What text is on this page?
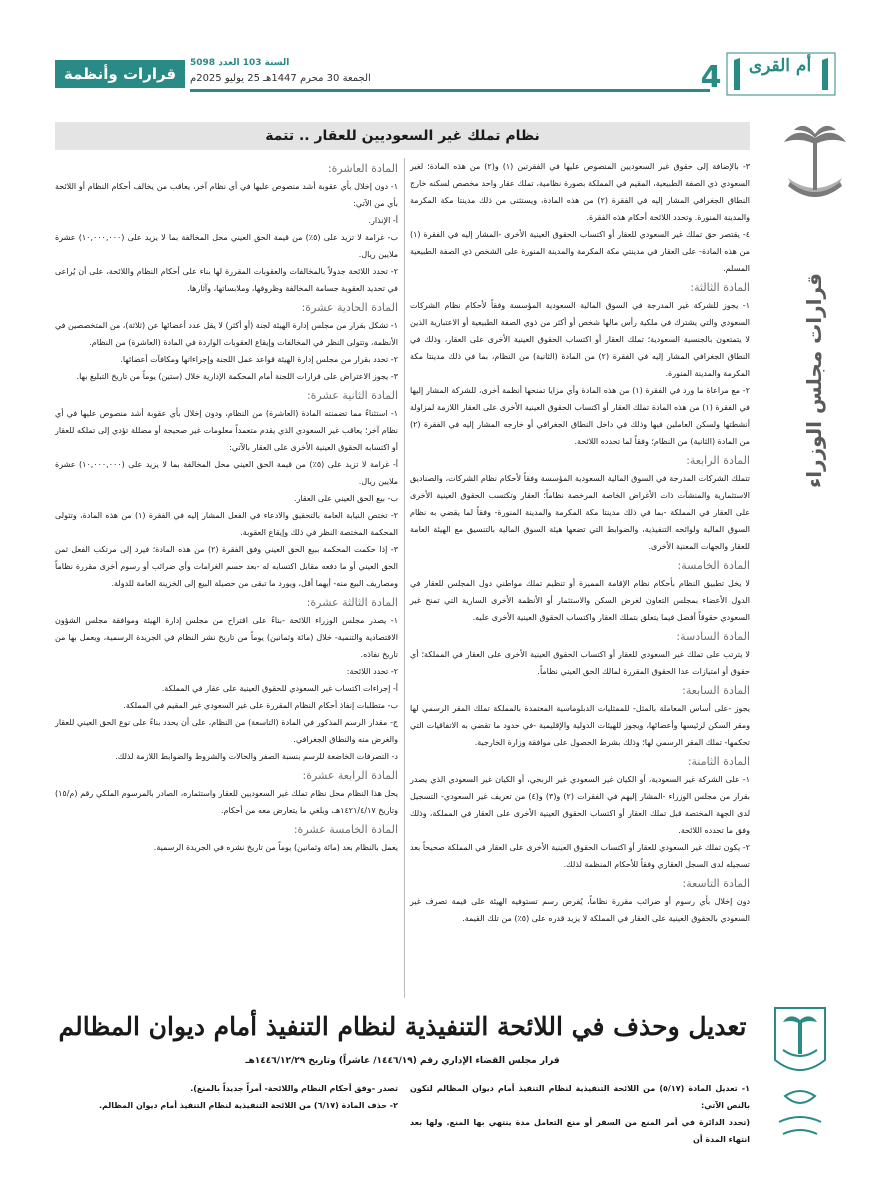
قرارات وأنظمة
السنة 103 العدد 5098
الجمعة 30 محرم 1447هـ 25 يوليو 2025م	4	أم القرى
قرارات مجلس الوزراء
نظام تملك غير السعوديين للعقار .. تتمة

٣- بالإضافة إلى حقوق غير السعوديين المنصوص عليها في الفقرتين (١) و(٢) من هذه المادة؛ لغير السعودي ذي الصفة الطبيعية، المقيم في المملكة بصورة نظامية، تملك عقار واحد مخصص لسكنه خارج النطاق الجغرافي المشار إليه في الفقرة (٢) من هذه المادة، ويستثنى من ذلك مدينتا مكة المكرمة والمدينة المنورة. وتحدد اللائحة أحكام هذه الفقرة.

٤- يقتصر حق تملك غير السعودي للعقار أو اكتساب الحقوق العينية الأخرى -المشار إليه في الفقرة (١) من هذه المادة- على العقار في مدينتي مكة المكرمة والمدينة المنورة على الشخص ذي الصفة الطبيعية المسلم.

المادة الثالثة:

١- يجوز للشركة غير المدرجة في السوق المالية السعودية المؤسسة وفقاً لأحكام نظام الشركات السعودي والتي يشترك في ملكية رأس مالها شخص أو أكثر من ذوي الصفة الطبيعية أو الاعتبارية الذين لا يتمتعون بالجنسية السعودية؛ تملك العقار أو اكتساب الحقوق العينية الأخرى على العقار، وذلك في النطاق الجغرافي المشار إليه في الفقرة (٢) من المادة (الثانية) من النظام، بما في ذلك مدينتا مكة المكرمة والمدينة المنورة.

٢- مع مراعاة ما ورد في الفقرة (١) من هذه المادة وأي مزايا تمنحها أنظمة أخرى، للشركة المشار إليها في الفقرة (١) من هذه المادة تملك العقار أو اكتساب الحقوق العينية الأخرى على العقار اللازمة لمزاولة أنشطتها ولسكن العاملين فيها وذلك في داخل النطاق الجغرافي أو خارجه المشار إليه في الفقرة (٢) من المادة (الثانية) من النظام؛ وفقاً لما تحدده اللائحة.

المادة الرابعة:

تتملك الشركات المدرجة في السوق المالية السعودية المؤسسة وفقاً لأحكام نظام الشركات، والصناديق الاستثمارية والمنشآت ذات الأغراض الخاصة المرخصة نظاماً؛ العقار وتكتسب الحقوق العينية الأخرى على العقار في المملكة -بما في ذلك مدينتا مكة المكرمة والمدينة المنورة- وفقاً لما يقضي به نظام السوق المالية ولوائحه التنفيذية، والضوابط التي تضعها هيئة السوق المالية بالتنسيق مع الهيئة العامة للعقار والجهات المعنية الأخرى.

المادة الخامسة:

لا يخل تطبيق النظام بأحكام نظام الإقامة المميزة أو تنظيم تملك مواطني دول المجلس للعقار في الدول الأعضاء بمجلس التعاون لغرض السكن والاستثمار أو الأنظمة الأخرى السارية التي تمنح غير السعودي حقوقاً أفضل فيما يتعلق بتملك العقار واكتساب الحقوق العينية الأخرى عليه.

المادة السادسة:

لا يترتب على تملك غير السعودي للعقار أو اكتساب الحقوق العينية الأخرى على العقار في المملكة؛ أي حقوق أو امتيازات عدا الحقوق المقررة لمالك الحق العيني نظاماً.

المادة السابعة:

يجوز -على أساس المعاملة بالمثل- للممثليات الدبلوماسية المعتمدة بالمملكة تملك المقر الرسمي لها ومقر السكن لرئيسها وأعضائها، ويجوز للهيئات الدولية والإقليمية -في حدود ما تقضي به الاتفاقيات التي تحكمها- تملك المقر الرسمي لها؛ وذلك بشرط الحصول على موافقة وزارة الخارجية.

المادة الثامنة:

١- على الشركة غير السعودية، أو الكيان غير السعودي غير الربحي، أو الكيان غير السعودي الذي يصدر بقرار من مجلس الوزراء -المشار إليهم في الفقرات (٢) و(٣) و(٤) من تعريف غير السعودي- التسجيل لدى الجهة المختصة قبل تملك العقار أو اكتساب الحقوق العينية الأخرى على العقار في المملكة، وذلك وفق ما تحدده اللائحة.

٢- يكون تملك غير السعودي للعقار أو اكتساب الحقوق العينية الأخرى على العقار في المملكة صحيحاً بعد تسجيله لدى السجل العقاري وفقاً للأحكام المنظمة لذلك.

المادة التاسعة:

دون إخلال بأي رسوم أو ضرائب مقررة نظاماً، يُفرض رسم تستوفيه الهيئة على قيمة تصرف غير السعودي بالحقوق العينية على العقار في المملكة لا يزيد قدره على (٥٪) من تلك القيمة.

المادة العاشرة:

١- دون إخلال بأي عقوبة أشد منصوص عليها في أي نظام آخر، يعاقب من يخالف أحكام النظام أو اللائحة بأي من الآتي:

أ- الإنذار.

ب- غرامة لا تزيد على (٥٪) من قيمة الحق العيني محل المخالفة بما لا يزيد على (١٠,٠٠٠,٠٠٠) عشرة ملايين ريال.

٢- تحدد اللائحة جدولاً بالمخالفات والعقوبات المقررة لها بناء على أحكام النظام واللائحة، على أن يُراعى في تحديد العقوبة جسامة المخالفة وظروفها، وملابساتها، وآثارها.

المادة الحادية عشرة:

١- تشكل بقرار من مجلس إدارة الهيئة لجنة (أو أكثر) لا يقل عدد أعضائها عن (ثلاثة)، من المتخصصين في الأنظمة، وتتولى النظر في المخالفات وإيقاع العقوبات الواردة في المادة (العاشرة) من النظام.

٢- تحدد بقرار من مجلس إدارة الهيئة قواعد عمل اللجنة وإجراءاتها ومكافآت أعضائها.

٣- يجوز الاعتراض على قرارات اللجنة أمام المحكمة الإدارية خلال (ستين) يوماً من تاريخ التبليغ بها.

المادة الثانية عشرة:

١- استثناءً مما تضمنته المادة (العاشرة) من النظام، ودون إخلال بأي عقوبة أشد منصوص عليها في أي نظام آخر؛ يعاقب غير السعودي الذي يقدم متعمداً معلومات غير صحيحة أو مضللة تؤدي إلى تملكه للعقار أو اكتسابه الحقوق العينية الأخرى على العقار بالآتي:

أ- غرامة لا تزيد على (٥٪) من قيمة الحق العيني محل المخالفة بما لا يزيد على (١٠,٠٠٠,٠٠٠) عشرة ملايين ريال.

ب- بيع الحق العيني على العقار.

٢- تختص النيابة العامة بالتحقيق والادعاء في الفعل المشار إليه في الفقرة (١) من هذه المادة، وتتولى المحكمة المختصة النظر في ذلك وإيقاع العقوبة.

٣- إذا حكمت المحكمة ببيع الحق العيني وفق الفقرة (٢) من هذه المادة؛ فيرد إلى مرتكب الفعل ثمن الحق العيني أو ما دفعه مقابل اكتسابه له -بعد حسم الغرامات وأي ضرائب أو رسوم أخرى مقررة نظاماً ومصاريف البيع منه- أيهما أقل، ويورد ما تبقى من حصيلة البيع إلى الخزينة العامة للدولة.

المادة الثالثة عشرة:

١- يصدر مجلس الوزراء اللائحة -بناءً على اقتراح من مجلس إدارة الهيئة وموافقة مجلس الشؤون الاقتصادية والتنمية- خلال (مائة وثمانين) يوماً من تاريخ نشر النظام في الجريدة الرسمية، ويعمل بها من تاريخ نفاذه.

٢- تحدد اللائحة:

أ- إجراءات اكتساب غير السعودي للحقوق العينية على عقار في المملكة.

ب- متطلبات إنفاذ أحكام النظام المقررة على غير السعودي غير المقيم في المملكة.

ج- مقدار الرسم المذكور في المادة (التاسعة) من النظام، على أن يحدد بناءً على نوع الحق العيني للعقار والغرض منه والنطاق الجغرافي.

د- التصرفات الخاضعة للرسم بنسبة الصفر والحالات والشروط والضوابط اللازمة لذلك.

المادة الرابعة عشرة:

يحل هذا النظام محل نظام تملك غير السعوديين للعقار واستثماره، الصادر بالمرسوم الملكي رقم (م/١٥) وتاريخ ١٤٢١/٤/١٧هـ، ويلغي ما يتعارض معه من أحكام.

المادة الخامسة عشرة:

يعمل بالنظام بعد (مائة وثمانين) يوماً من تاريخ نشره في الجريدة الرسمية.

تعديل وحذف في اللائحة التنفيذية لنظام التنفيذ أمام ديوان المظالم
قرار مجلس القضاء الإداري رقم (١٤٤٦/١٩/ عاشراً) وتاريخ ١٤٤٦/١٢/٢٩هـ

١- تعديل المادة (٥/١٧) من اللائحة التنفيذية لنظام التنفيذ أمام ديوان المظالم لتكون بالنص الآتي:

(تحدد الدائرة في أمر المنع من السفر أو منع التعامل مدة ينتهي بها المنع. ولها بعد انتهاء المدة أن

تصدر -وفق أحكام النظام واللائحة- أمراً جديداً بالمنع).

٢- حذف المادة (٦/١٧) من اللائحة التنفيذية لنظام التنفيذ أمام ديوان المظالم.
